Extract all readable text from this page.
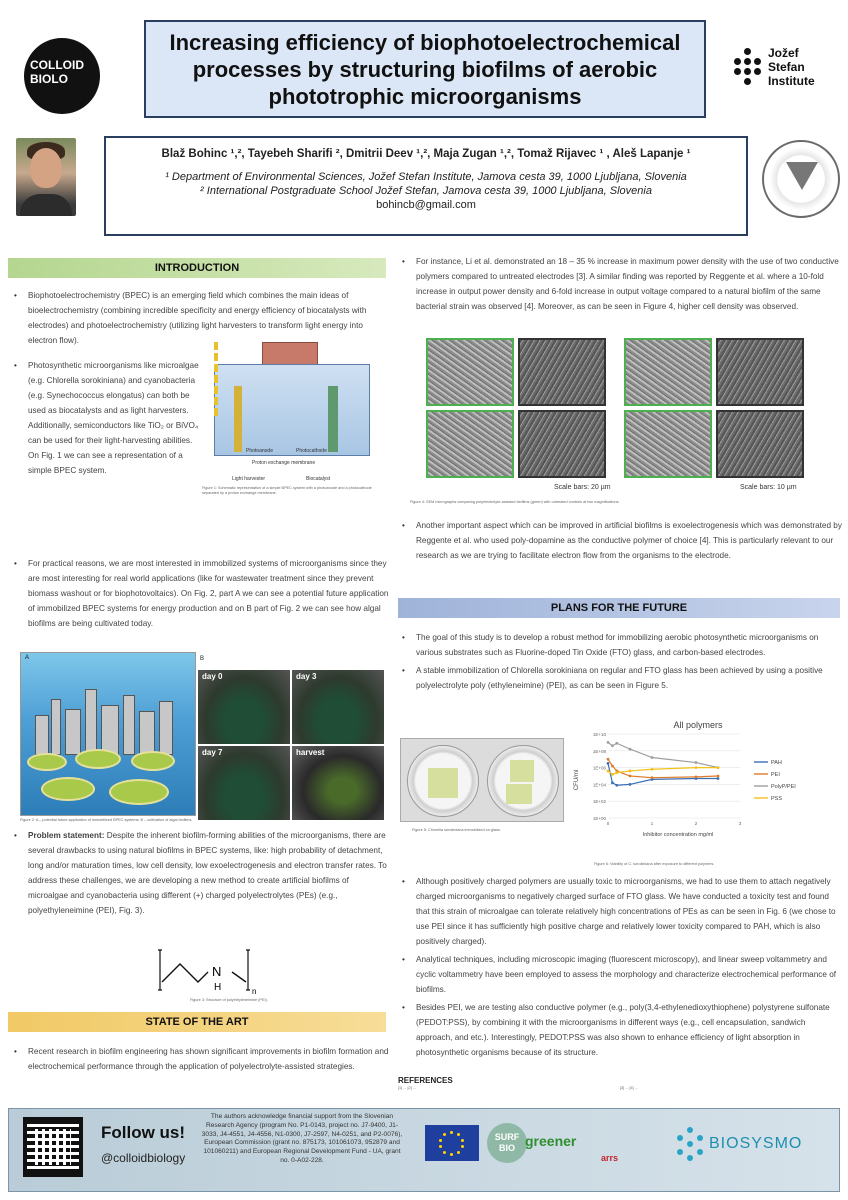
COLLOID
BIOLOGY
Increasing efficiency of biophotoelectrochemical processes by structuring biofilms of aerobic phototrophic microorganisms
Jožef
Stefan
Institute
Blaž Bohinc ¹,², Tayebeh Sharifi ², Dmitrii Deev ¹,², Maja Zugan ¹,², Tomaž Rijavec ¹ , Aleš Lapanje ¹
¹ Department of Environmental Sciences, Jožef Stefan Institute, Jamova cesta 39, 1000 Ljubljana, Slovenia
² International Postgraduate School Jožef Stefan, Jamova cesta 39, 1000 Ljubljana, Slovenia
bohincb@gmail.com
INTRODUCTION
• Biophotoelectrochemistry (BPEC) is an emerging field which combines the main ideas of bioelectrochemistry (combining incredible specificity and energy efficiency of biocatalysts with electrodes) and photoelectrochemistry (utilizing light harvesters to transform light energy into electron flow).
• Photosynthetic microorganisms like microalgae (e.g. Chlorella sorokiniana) and cyanobacteria (e.g. Synechococcus elongatus) can both be used as biocatalysts and as light harvesters. Additionally, semiconductors like TiO₂ or BiVO₄ can be used for their light-harvesting abilities. On Fig. 1 we can see a representation of a simple BPEC system.
Photoanode	Photocathode
Proton exchange membrane
Light harvester	Biocatalyst
Figure 1: Schematic representation of a simple BPEC system with a photoanode and a photocathode separated by a proton exchange membrane.
• For practical reasons, we are most interested in immobilized systems of microorganisms since they are most interesting for real world applications (like for wastewater treatment since they prevent biomass washout or for biophotovoltaics). On Fig. 2, part A we can see a potential future application of immobilized BPEC systems for energy production and on B part of Fig. 2 we can see how algal biofilms are being cultivated today.
A	B
day 0	day 3
day 7	harvest
Figure 2: A – potential future application of immobilized BPEC systems; B – cultivation of algal biofilms.
• Problem statement: Despite the inherent biofilm-forming abilities of the microorganisms, there are several drawbacks to using natural biofilms in BPEC systems, like: high probability of detachment, long and/or maturation times, low cell density, low exoelectrogenesis and electron transfer rates. To address these challenges, we are developing a new method to create artificial biofilms of microalgae and cyanobacteria using different (+) charged polyelectrolytes (PEs) (e.g., polyethyleneimine (PEI), Fig. 3).
N
H	n
Figure 3: Structure of polyethyleneimine (PEI).
STATE OF THE ART
• Recent research in biofilm engineering has shown significant improvements in biofilm formation and electrochemical performance through the application of polyelectrolyte-assisted strategies.
• For instance, Li et al. demonstrated an 18 – 35 % increase in maximum power density with the use of two conductive polymers compared to untreated electrodes [3]. A similar finding was reported by Reggente et al. where a 10-fold increase in output power density and 6-fold increase in output voltage compared to a natural biofilm of the same bacterial strain was observed [4]. Moreover, as can be seen in Figure 4, higher cell density was observed.
Scale bars: 20 µm	Scale bars: 10 µm
Figure 4: SEM micrographs comparing polyelectrolyte-assisted biofilms (green) with untreated controls at two magnifications.
• Another important aspect which can be improved in artificial biofilms is exoelectrogenesis which was demonstrated by Reggente et al. who used poly-dopamine as the conductive polymer of choice [4]. This is particularly relevant to our research as we are trying to facilitate electron flow from the organisms to the electrode.
PLANS FOR THE FUTURE
• The goal of this study is to develop a robust method for immobilizing aerobic photosynthetic microorganisms on various substrates such as Fluorine-doped Tin Oxide (FTO) glass, and carbon-based electrodes.
• A stable immobilization of Chlorella sorokiniana on regular and FTO glass has been achieved by using a positive polyelectrolyte poly (ethyleneimine) (PEI), as can be seen in Figure 5.
Figure 5: Chlorella sorokiniana immobilized on glass.
All polymers
CFU/ml
Inhibitor concentration mg/ml
1E+00
1E+02
1E+04
1E+06
1E+08
1E+10
0	1	2	3
PAH
PEI
PolyP/PEI
PSS
Figure 6: Viability of C. sorokiniana after exposure to different polymers.
• Although positively charged polymers are usually toxic to microorganisms, we had to use them to attach negatively charged microorganisms to negatively charged surface of FTO glass. We have conducted a toxicity test and found that this strain of microalgae can tolerate relatively high concentrations of PEs as can be seen in Fig. 6 (we chose to use PEI since it has sufficiently high positive charge and relatively lower toxicity compared to PAH, which is also positively charged).
• Analytical techniques, including microscopic imaging (fluorescent microscopy), and linear sweep voltammetry and cyclic voltammetry have been employed to assess the morphology and characterize electrochemical performance of biofilms.
• Besides PEI, we are testing also conductive polymer (e.g., poly(3,4-ethylenedioxythiophene) polystyrene sulfonate (PEDOT:PSS), by combining it with the microorganisms in different ways (e.g., cell encapsulation, sandwich approach, and etc.). Interestingly, PEDOT:PSS was also shown to enhance efficiency of light absorption in photosynthetic organisms because of its structure.
REFERENCES
[1] ... [2] ...	[3] ... [4] ...
Follow us!
@colloidbiology
The authors acknowledge financial support from the Slovenian Research Agency (program No. P1-0143, project no. J7-9400, J1-3033, J4-4551, J4-4556, N1-0300, J7-2597, N4-0251, and P2-0076), European Commission (grant no. 875173, 101061073, 952879 and 101060211) and European Regional Development Fund - UA, grant no. 0-A02-228.
SURF BIO greener
arrs
BIOSYSMO
